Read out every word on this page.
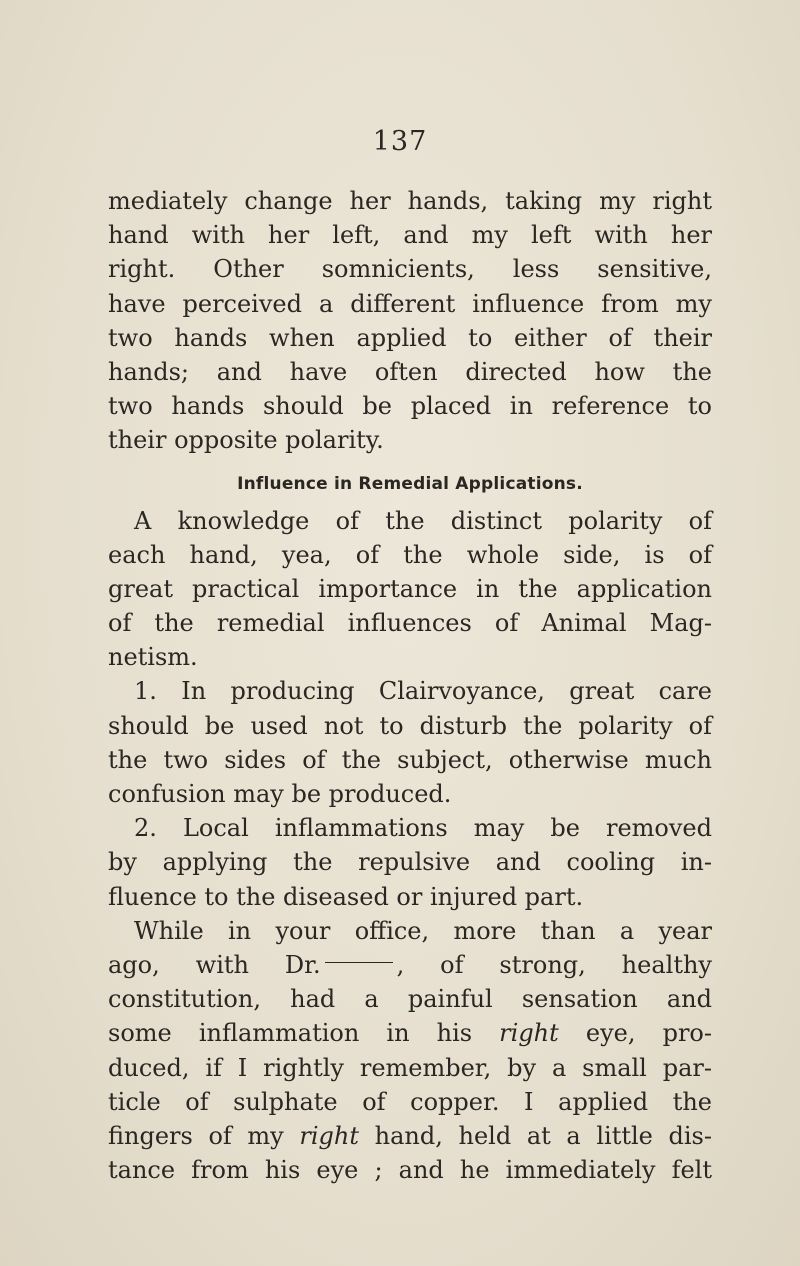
137
mediately change her hands, taking my right
hand with her left, and my left with her
right. Other somnicients, less sensitive,
have perceived a different influence from my
two hands when applied to either of their
hands; and have often directed how the
two hands should be placed in reference to
their opposite polarity.
Influence in Remedial Applications.
A knowledge of the distinct polarity of
each hand, yea, of the whole side, is of
great practical importance in the application
of the remedial influences of Animal Mag-
netism.
1. In producing Clairvoyance, great care
should be used not to disturb the polarity of
the two sides of the subject, otherwise much
confusion may be produced.
2. Local inflammations may be removed
by applying the repulsive and cooling in-
fluence to the diseased or injured part.
While in your office, more than a year
ago, with Dr.	, of strong, healthy
constitution, had a painful sensation and
some inflammation in his right eye, pro-
duced, if I rightly remember, by a small par-
ticle of sulphate of copper. I applied the
fingers of my right hand, held at a little dis-
tance from his eye ; and he immediately felt
